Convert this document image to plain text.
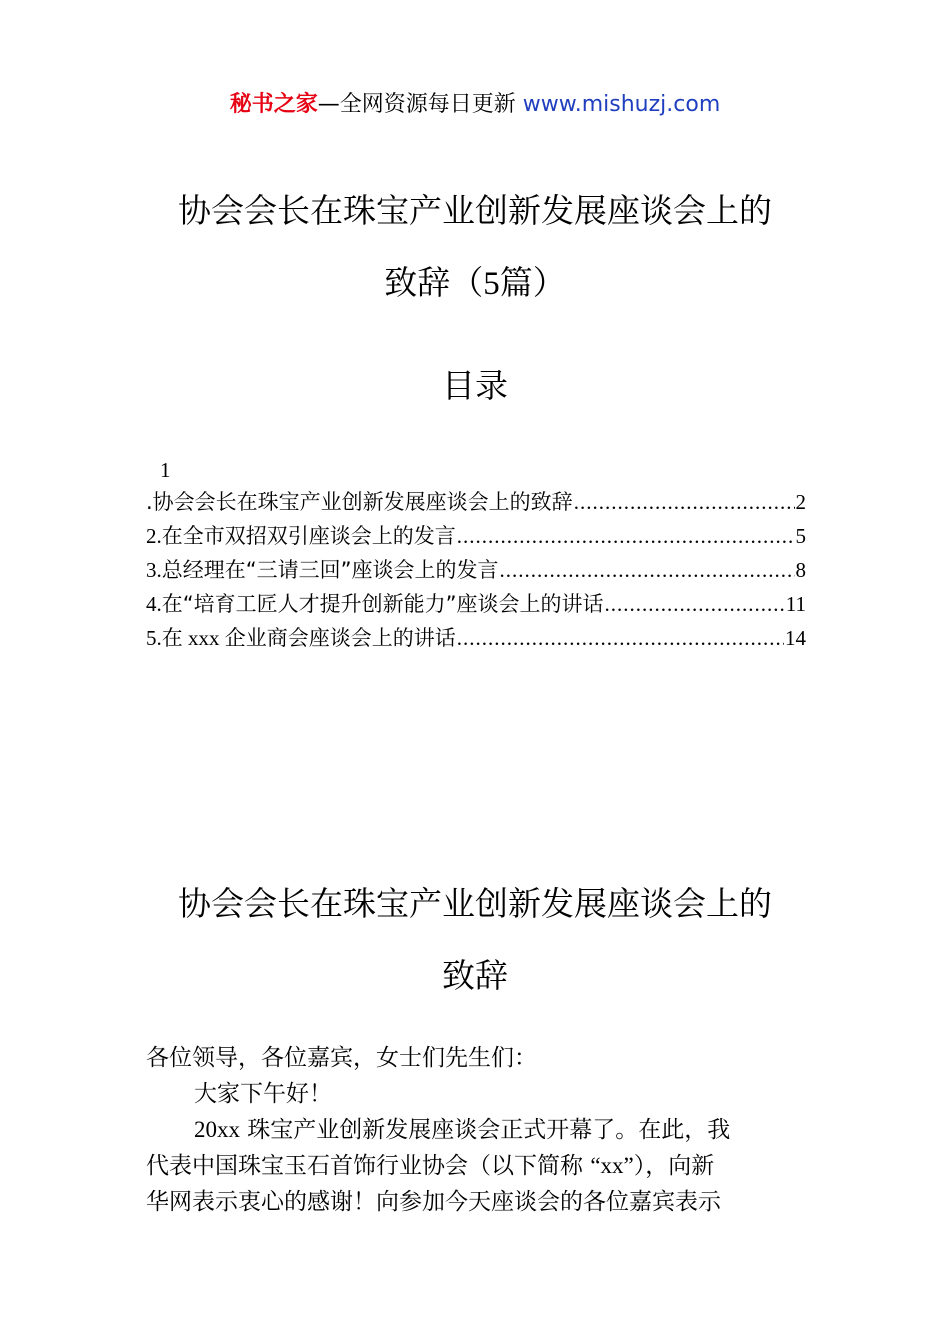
秘书之家—全网资源每日更新 www.mishuzj.com
协会会长在珠宝产业创新发展座谈会上的
致辞（5篇）
目录
1
.协会会长在珠宝产业创新发展座谈会上的致辞 .....	2
2. 在全市双招双引座谈会上的发言 .....	5
3. 总经理在“三请三回”座谈会上的发言 .....	8
4. 在“培育工匠人才提升创新能力”座谈会上的讲话 .....	11
5. 在 xxx 企业商会座谈会上的讲话 .....	14
协会会长在珠宝产业创新发展座谈会上的
致辞

各位领导，各位嘉宾，女士们先生们：

大家下午好！

20xx 珠宝产业创新发展座谈会正式开幕了。在此，我

代表中国珠宝玉石首饰行业协会（以下简称 “xx”），向新

华网表示衷心的感谢！向参加今天座谈会的各位嘉宾表示
